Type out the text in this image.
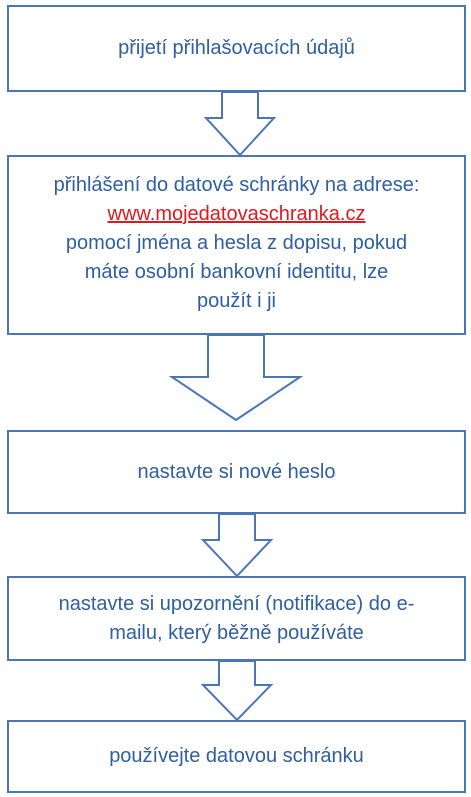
přijetí přihlašovacích údajů
přihlášení do datové schránky na adrese:
www.mojedatovaschranka.cz
pomocí jména a hesla z dopisu, pokud
máte osobní bankovní identitu, lze
použít i ji
nastavte si nové heslo
nastavte si upozornění (notifikace) do e-
mailu, který běžně používáte
používejte datovou schránku
